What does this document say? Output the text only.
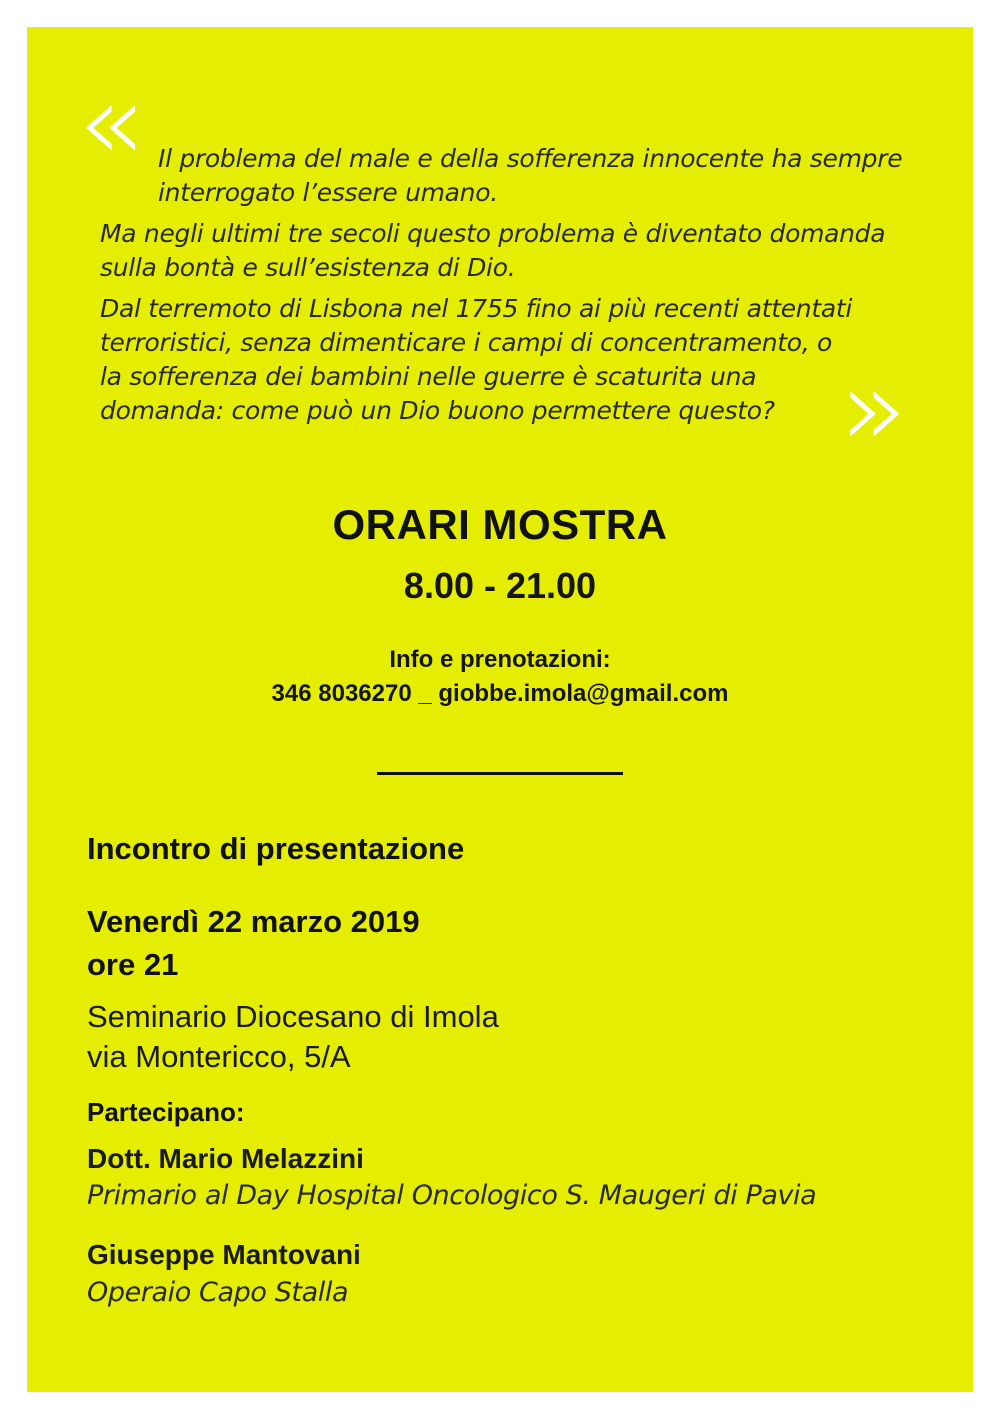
« Il problema del male e della sofferenza innocente ha sempre

interrogato l’essere umano.

Ma negli ultimi tre secoli questo problema è diventato domanda

sulla bontà e sull’esistenza di Dio.

Dal terremoto di Lisbona nel 1755 fino ai più recenti attentati

terroristici, senza dimenticare i campi di concentramento, o

la sofferenza dei bambini nelle guerre è scaturita una

domanda: come può un Dio buono permettere questo? »
ORARI MOSTRA
8.00 - 21.00
Info e prenotazioni:
346 8036270 _ giobbe.imola@gmail.com
Incontro di presentazione
Venerdì 22 marzo 2019
ore 21
Seminario Diocesano di Imola
via Montericco, 5/A
Partecipano:
Dott. Mario Melazzini
Primario al Day Hospital Oncologico S. Maugeri di Pavia
Giuseppe Mantovani
Operaio Capo Stalla
